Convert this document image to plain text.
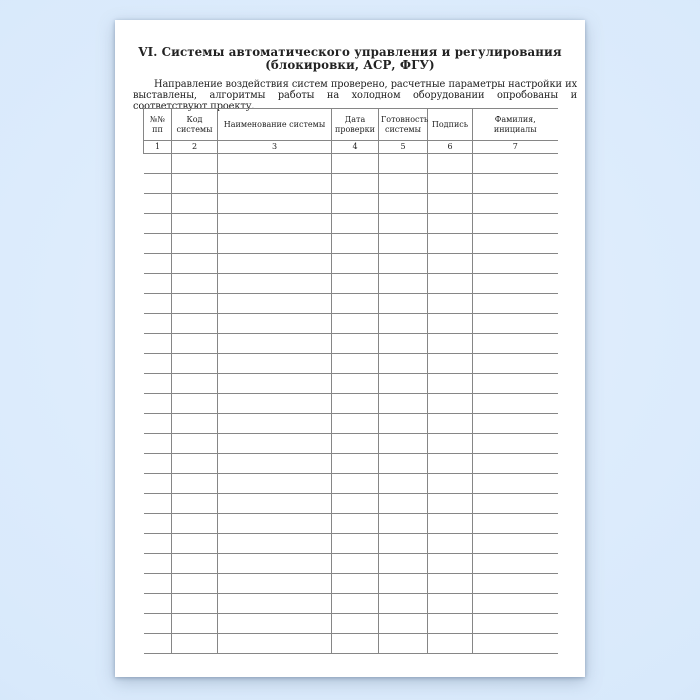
VI. Системы автоматического управления и регулирования
(блокировки, АСР, ФГУ)

Направление воздействия систем проверено, расчетные параметры настройки их выставлены, алгоритмы работы на холодном оборудовании опробованы и соответствуют проекту.

№№ пп	Код системы	Наименование системы	Дата проверки	Готовность системы	Подпись	Фамилия, инициалы
1	2	3	4	5	6	7
